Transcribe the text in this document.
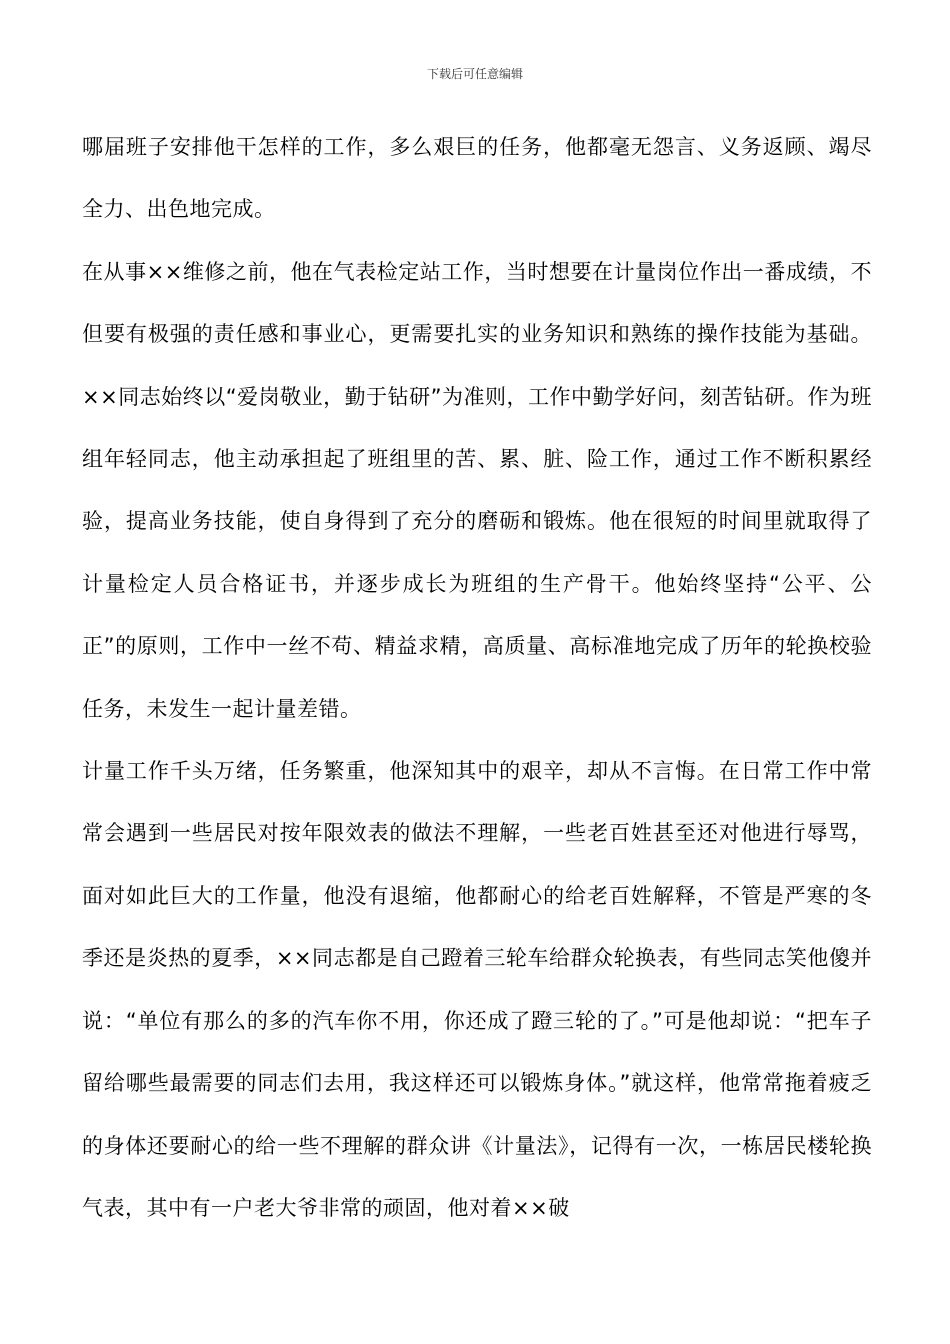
下载后可任意编辑

哪届班子安排他干怎样的工作，多么艰巨的任务，他都毫无怨言、义务返顾、竭尽全力、出色地完成。

在从事××维修之前，他在气表检定站工作，当时想要在计量岗位作出一番成绩，不但要有极强的责任感和事业心，更需要扎实的业务知识和熟练的操作技能为基础。××同志始终以“爱岗敬业，勤于钻研”为准则，工作中勤学好问，刻苦钻研。作为班组年轻同志，他主动承担起了班组里的苦、累、脏、险工作，通过工作不断积累经验，提高业务技能，使自身得到了充分的磨砺和锻炼。他在很短的时间里就取得了计量检定人员合格证书，并逐步成长为班组的生产骨干。他始终坚持“公平、公正”的原则，工作中一丝不苟、精益求精，高质量、高标准地完成了历年的轮换校验任务，未发生一起计量差错。

计量工作千头万绪，任务繁重，他深知其中的艰辛，却从不言悔。在日常工作中常常会遇到一些居民对按年限效表的做法不理解，一些老百姓甚至还对他进行辱骂，面对如此巨大的工作量，他没有退缩，他都耐心的给老百姓解释，不管是严寒的冬季还是炎热的夏季，××同志都是自己蹬着三轮车给群众轮换表，有些同志笑他傻并说：“单位有那么的多的汽车你不用，你还成了蹬三轮的了。”可是他却说：“把车子留给哪些最需要的同志们去用，我这样还可以锻炼身体。”就这样，他常常拖着疲乏的身体还要耐心的给一些不理解的群众讲《计量法》，记得有一次，一栋居民楼轮换气表，其中有一户老大爷非常的顽固，他对着××破
